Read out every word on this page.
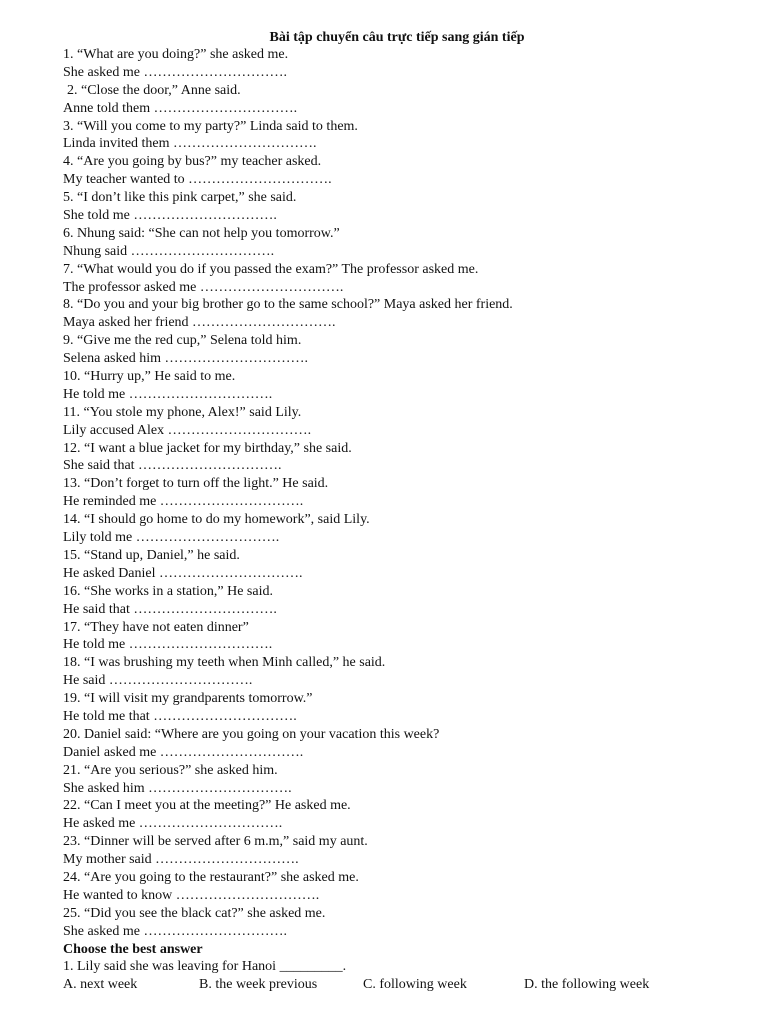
Bài tập chuyển câu trực tiếp sang gián tiếp
1. “What are you doing?” she asked me.
She asked me ………………………….
2. “Close the door,” Anne said.
Anne told them ………………………….
3. “Will you come to my party?” Linda said to them.
Linda invited them ………………………….
4. “Are you going by bus?” my teacher asked.
My teacher wanted to ………………………….
5. “I don’t like this pink carpet,” she said.
She told me ………………………….
6. Nhung said: “She can not help you tomorrow.”
Nhung said ………………………….
7. “What would you do if you passed the exam?” The professor asked me.
The professor asked me ………………………….
8. “Do you and your big brother go to the same school?” Maya asked her friend.
Maya asked her friend ………………………….
9. “Give me the red cup,” Selena told him.
Selena asked him ………………………….
10. “Hurry up,” He said to me.
He told me ………………………….
11. “You stole my phone, Alex!” said Lily.
Lily accused Alex ………………………….
12. “I want a blue jacket for my birthday,” she said.
She said that ………………………….
13. “Don’t forget to turn off the light.” He said.
He reminded me ………………………….
14. “I should go home to do my homework”, said Lily.
Lily told me ………………………….
15. “Stand up, Daniel,” he said.
He asked Daniel ………………………….
16. “She works in a station,” He said.
He said that ………………………….
17. “They have not eaten dinner”
He told me ………………………….
18. “I was brushing my teeth when Minh called,” he said.
He said ………………………….
19. “I will visit my grandparents tomorrow.”
He told me that ………………………….
20. Daniel said: “Where are you going on your vacation this week?
Daniel asked me ………………………….
21. “Are you serious?” she asked him.
She asked him ………………………….
22. “Can I meet you at the meeting?” He asked me.
He asked me ………………………….
23. “Dinner will be served after 6 m.m,” said my aunt.
My mother said ………………………….
24. “Are you going to the restaurant?” she asked me.
He wanted to know ………………………….
25. “Did you see the black cat?” she asked me.
She asked me ………………………….
Choose the best answer
1. Lily said she was leaving for Hanoi _________.
A. next week	B. the week previous	C. following week	D. the following week
